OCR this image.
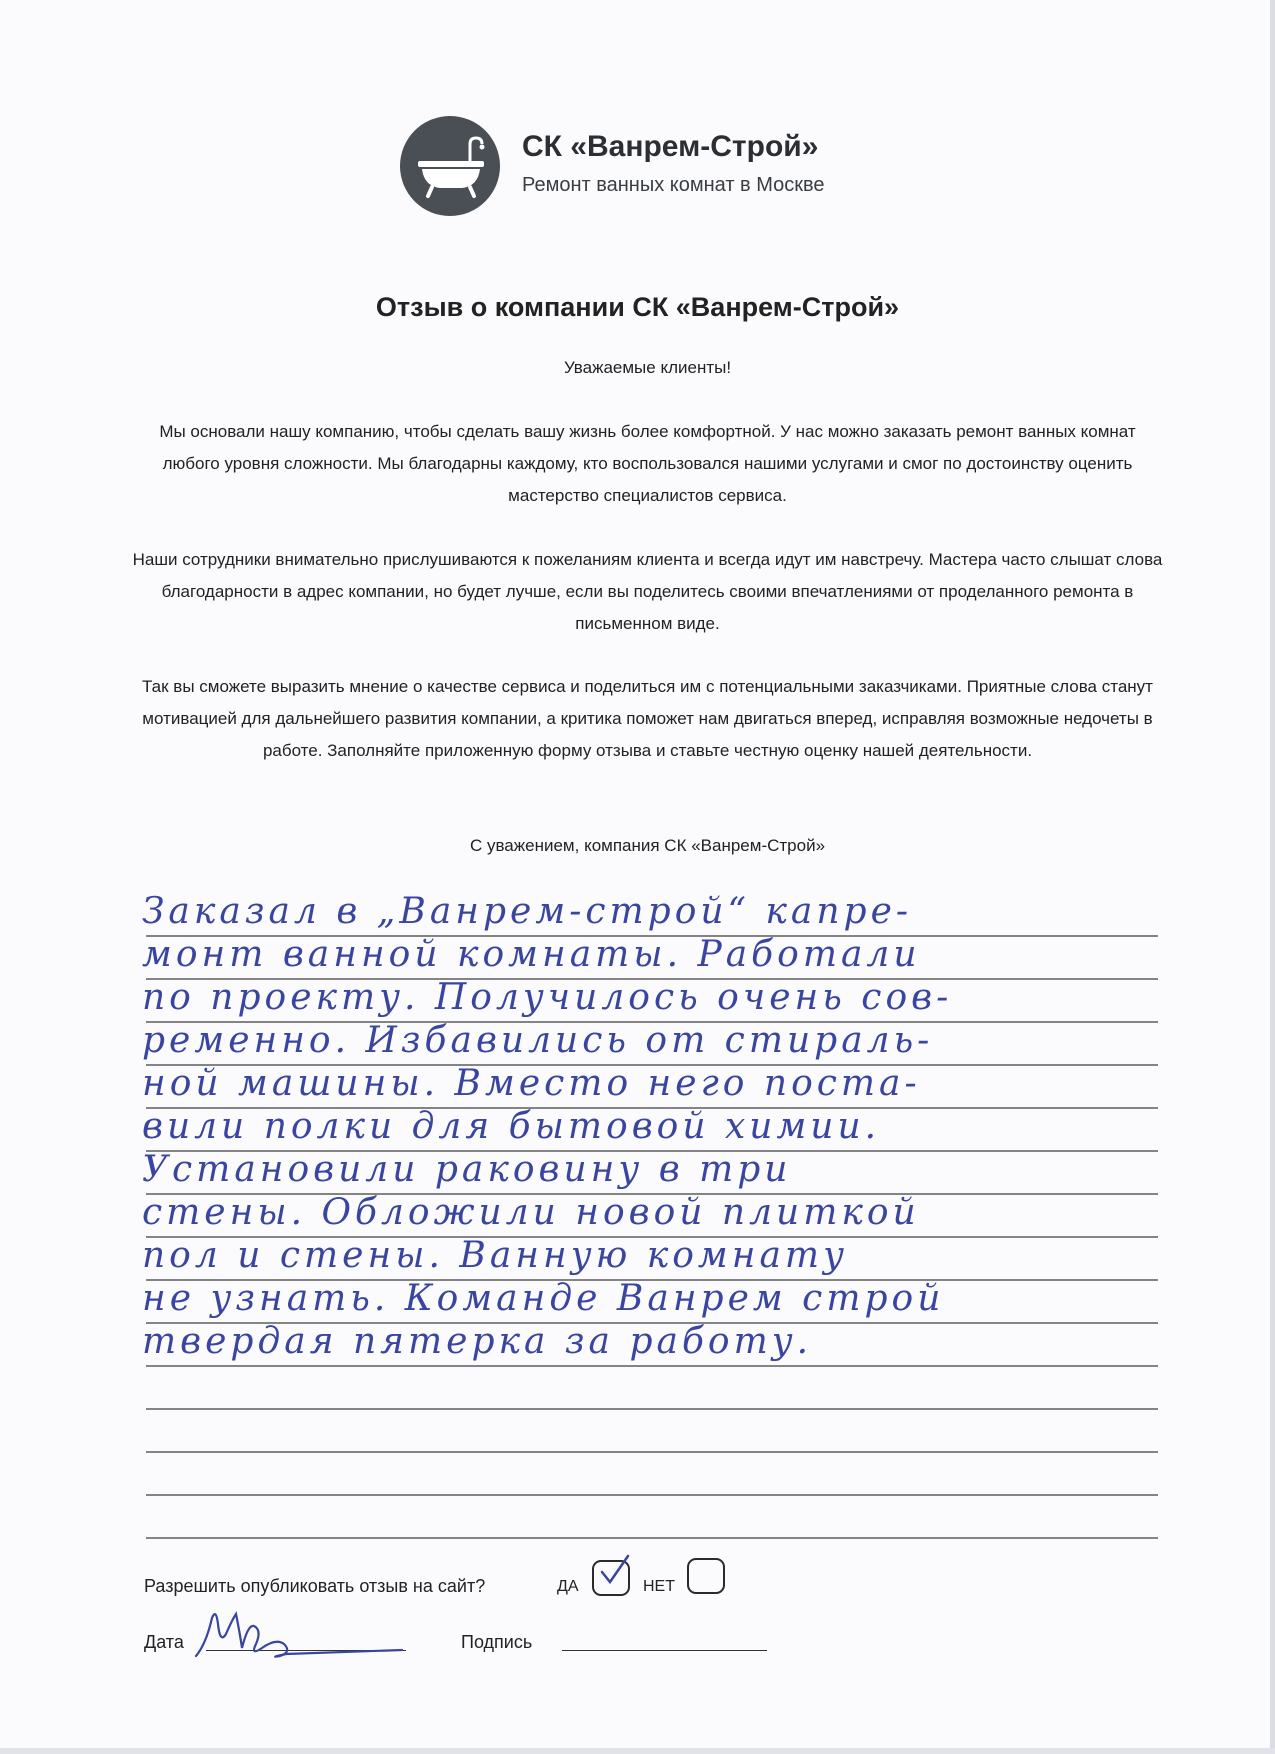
СК «Ванрем-Строй»
Ремонт ванных комнат в Москве
Отзыв о компании СК «Ванрем-Строй»
Уважаемые клиенты!
Мы основали нашу компанию, чтобы сделать вашу жизнь более комфортной. У нас можно заказать ремонт ванных комнат любого уровня сложности. Мы благодарны каждому, кто воспользовался нашими услугами и смог по достоинству оценить мастерство специалистов сервиса.
Наши сотрудники внимательно прислушиваются к пожеланиям клиента и всегда идут им навстречу. Мастера часто слышат слова благодарности в адрес компании, но будет лучше, если вы поделитесь своими впечатлениями от проделанного ремонта в письменном виде.
Так вы сможете выразить мнение о качестве сервиса и поделиться им с потенциальными заказчиками. Приятные слова станут мотивацией для дальнейшего развития компании, а критика поможет нам двигаться вперед, исправляя возможные недочеты в работе. Заполняйте приложенную форму отзыва и ставьте честную оценку нашей деятельности.
С уважением, компания СК «Ванрем-Строй»
Заказал в „Ванрем-строй“ капре-
монт ванной комнаты. Работали
по проекту. Получилось очень сов-
ременно. Избавились от стираль-
ной машины. Вместо него поста-
вили полки для бытовой химии.
Установили раковину в три
стены. Обложили новой плиткой
пол и стены. Ванную комнату
не узнать. Команде Ванрем строй
твердая пятерка за работу.
Разрешить опубликовать отзыв на сайт?	ДА	НЕТ
Дата	Подпись
